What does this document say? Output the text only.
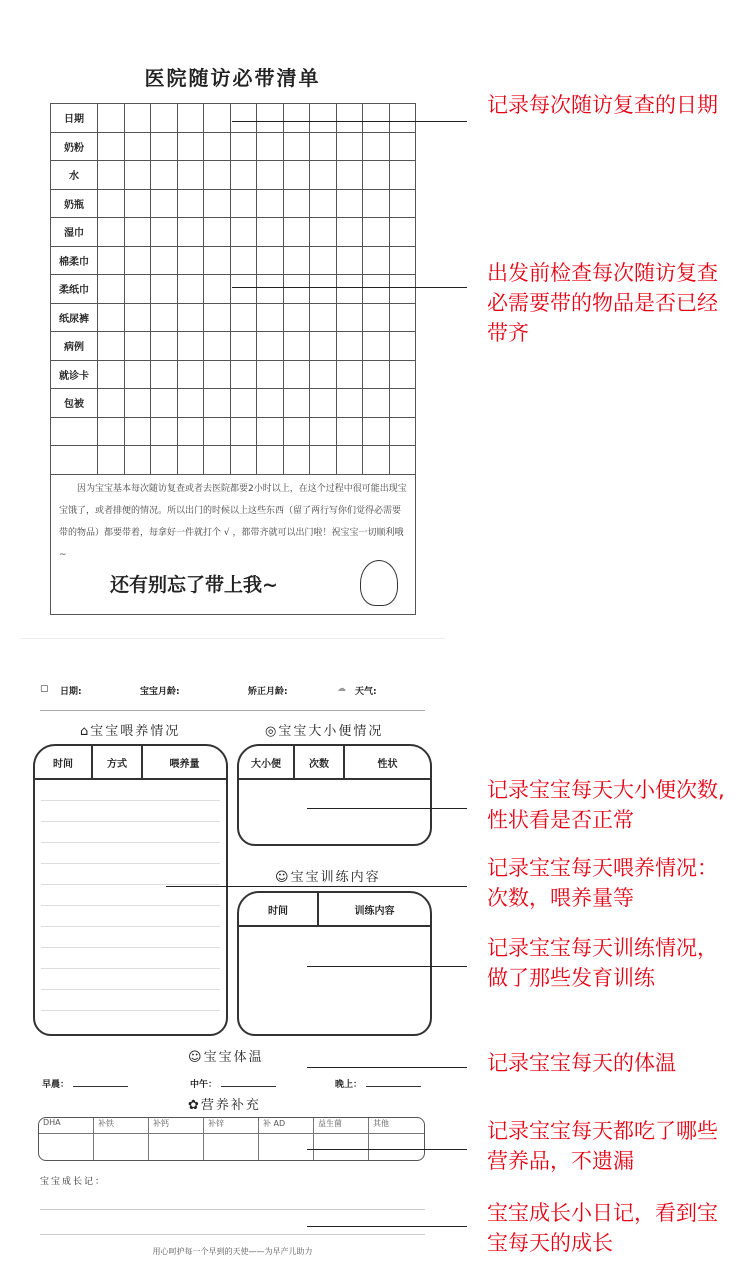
医院随访必带清单
日期												
奶粉												
水												
奶瓶												
湿巾												
棉柔巾												
柔纸巾												
纸尿裤												
病例												
就诊卡												
包被												

因为宝宝基本每次随访复查或者去医院都要2小时以上，在这个过程中很可能出现宝宝饿了，或者排便的情况。所以出门的时候以上这些东西（留了两行写你们觉得必需要带的物品）都要带着，每拿好一件就打个 √ ，都带齐就可以出门啦！祝宝宝一切顺利哦~
还有别忘了带上我~
▢ 日期:	宝宝月龄:	矫正月龄:	☁ 天气:
⌂宝宝喂养情况
时间	方式	喂养量
◎宝宝大小便情况
大小便	次数	性状
☺宝宝训练内容
时间	训练内容
☺宝宝体温
早晨：	中午：	晚上：
✿营养补充
DHA	补铁	补钙	补锌	补 AD	益生菌	其他
宝宝成长记：
用心呵护每一个早到的天使——为早产儿助力
记录每次随访复查的日期
出发前检查每次随访复查必需要带的物品是否已经带齐
记录宝宝每天大小便次数,性状看是否正常
记录宝宝每天喂养情况：次数，喂养量等
记录宝宝每天训练情况，做了那些发育训练
记录宝宝每天的体温
记录宝宝每天都吃了哪些营养品，不遗漏
宝宝成长小日记，看到宝宝每天的成长
